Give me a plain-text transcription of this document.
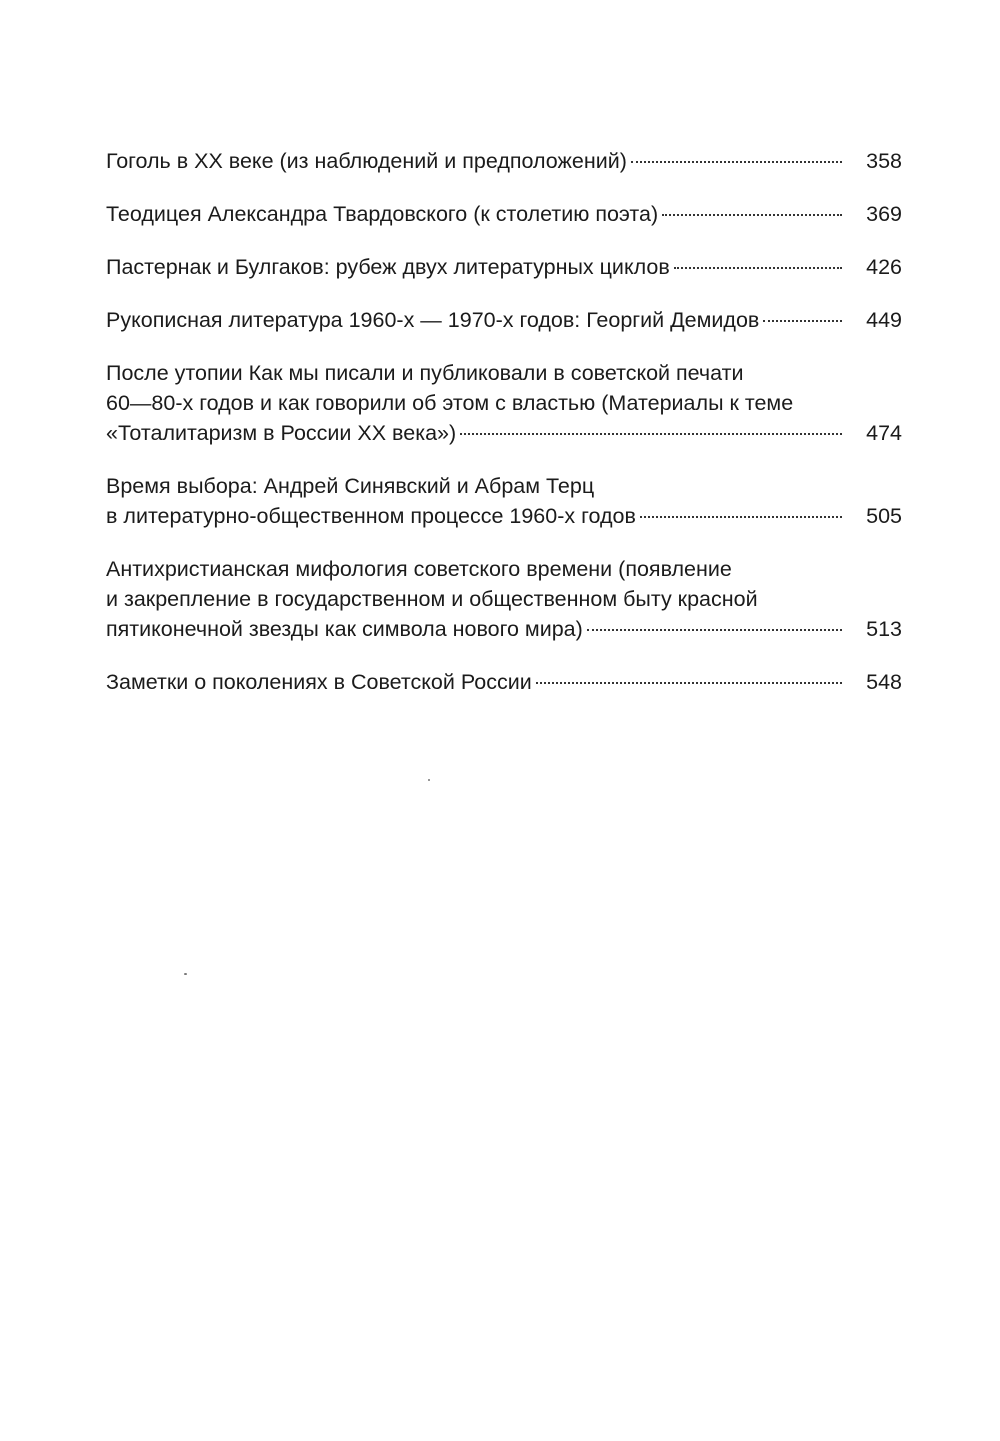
Гоголь в XX веке (из наблюдений и предположений)	358
Теодицея Александра Твардовского (к столетию поэта)	369
Пастернак и Булгаков: рубеж двух литературных циклов	426
Рукописная литература 1960-х — 1970-х годов: Георгий Демидов	449
После утопии Как мы писали и публиковали в советской печати
60—80-х годов и как говорили об этом с властью (Материалы к теме
«Тоталитаризм в России XX века»)	474
Время выбора: Андрей Синявский и Абрам Терц
в литературно-общественном процессе 1960-х годов	505
Антихристианская мифология советского времени (появление
и закрепление в государственном и общественном быту красной
пятиконечной звезды как символа нового мира)	513
Заметки о поколениях в Советской России	548
